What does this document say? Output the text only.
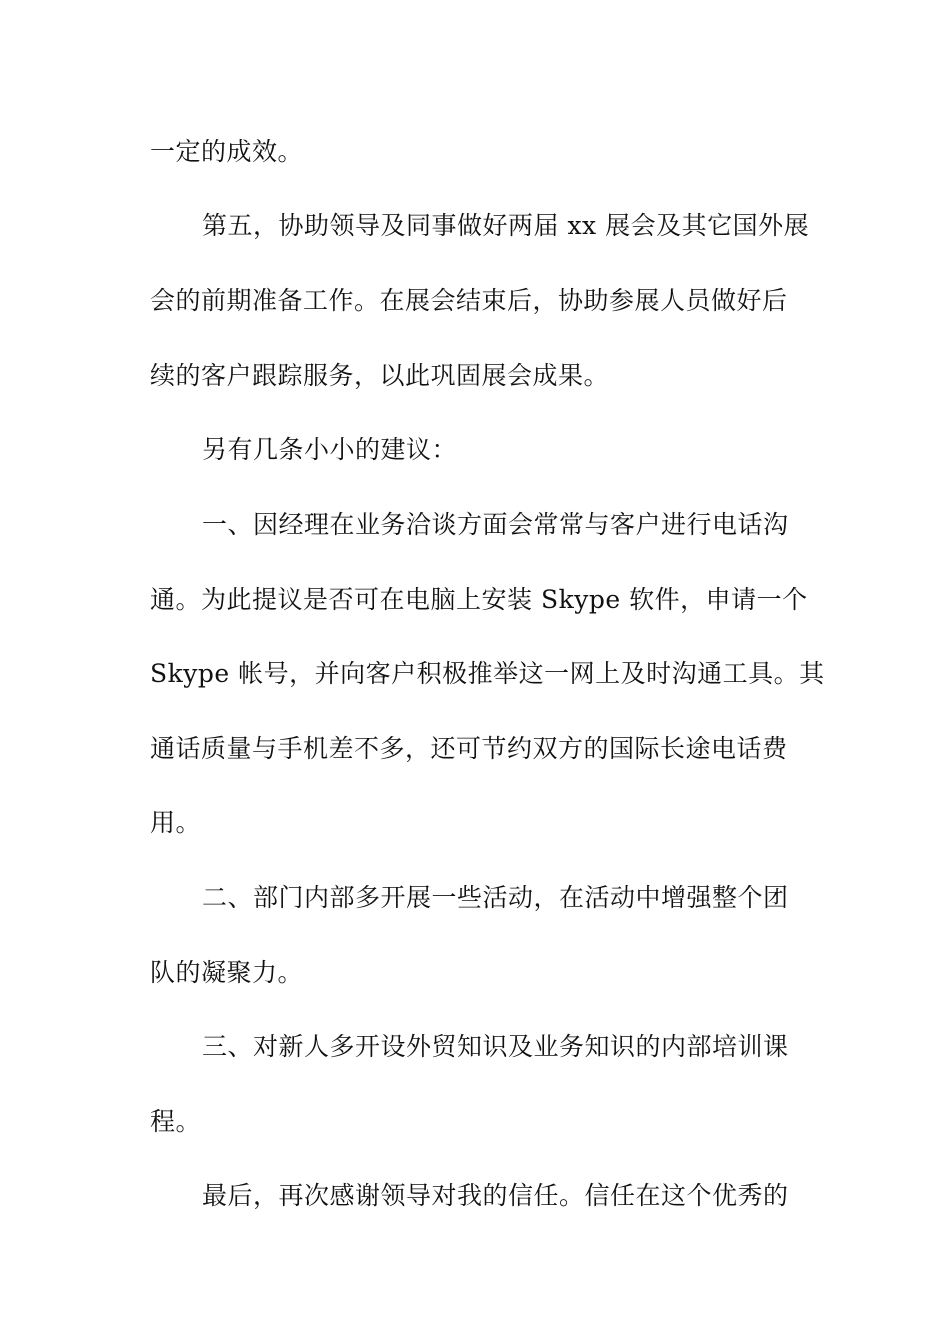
一定的成效。
第五，协助领导及同事做好两届 xx 展会及其它国外展
会的前期准备工作。在展会结束后，协助参展人员做好后
续的客户跟踪服务，以此巩固展会成果。
另有几条小小的建议：
一、因经理在业务洽谈方面会常常与客户进行电话沟
通。为此提议是否可在电脑上安装 Skype 软件，申请一个
Skype 帐号，并向客户积极推举这一网上及时沟通工具。其
通话质量与手机差不多，还可节约双方的国际长途电话费
用。
二、部门内部多开展一些活动，在活动中增强整个团
队的凝聚力。
三、对新人多开设外贸知识及业务知识的内部培训课
程。
最后，再次感谢领导对我的信任。信任在这个优秀的
